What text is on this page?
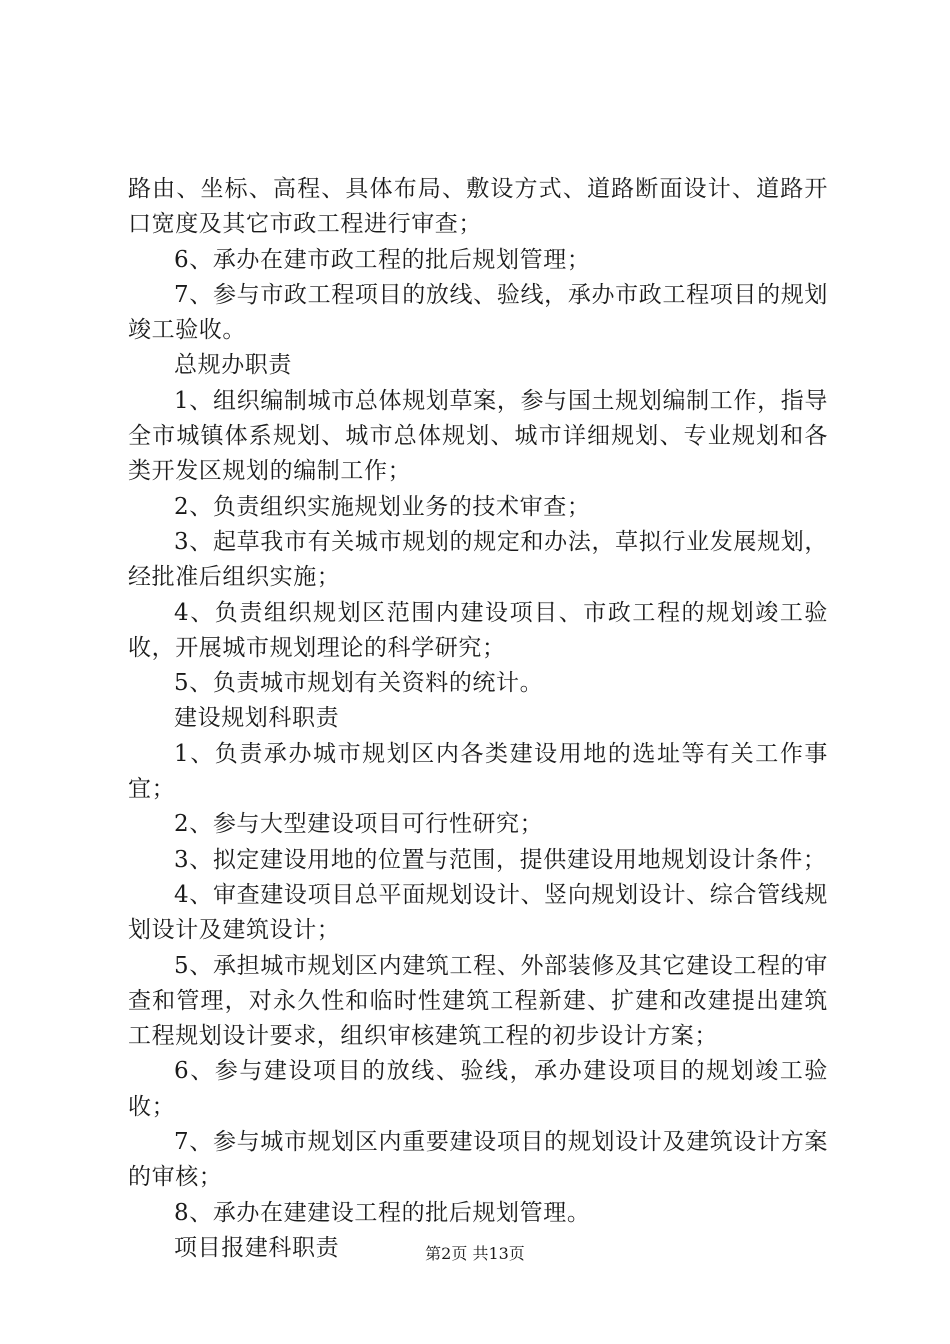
路由、坐标、高程、具体布局、敷设方式、道路断面设计、道路开口宽度及其它市政工程进行审查；

6、承办在建市政工程的批后规划管理；

7、参与市政工程项目的放线、验线，承办市政工程项目的规划竣工验收。

总规办职责

1、组织编制城市总体规划草案，参与国土规划编制工作，指导全市城镇体系规划、城市总体规划、城市详细规划、专业规划和各类开发区规划的编制工作；

2、负责组织实施规划业务的技术审查；

3、起草我市有关城市规划的规定和办法，草拟行业发展规划，经批准后组织实施；

4、负责组织规划区范围内建设项目、市政工程的规划竣工验收，开展城市规划理论的科学研究；

5、负责城市规划有关资料的统计。

建设规划科职责

1、负责承办城市规划区内各类建设用地的选址等有关工作事宜；

2、参与大型建设项目可行性研究；

3、拟定建设用地的位置与范围，提供建设用地规划设计条件；

4、审查建设项目总平面规划设计、竖向规划设计、综合管线规划设计及建筑设计；

5、承担城市规划区内建筑工程、外部装修及其它建设工程的审查和管理，对永久性和临时性建筑工程新建、扩建和改建提出建筑工程规划设计要求，组织审核建筑工程的初步设计方案；

6、参与建设项目的放线、验线，承办建设项目的规划竣工验收；

7、参与城市规划区内重要建设项目的规划设计及建筑设计方案的审核；

8、承办在建建设工程的批后规划管理。

项目报建科职责	第2页 共13页
